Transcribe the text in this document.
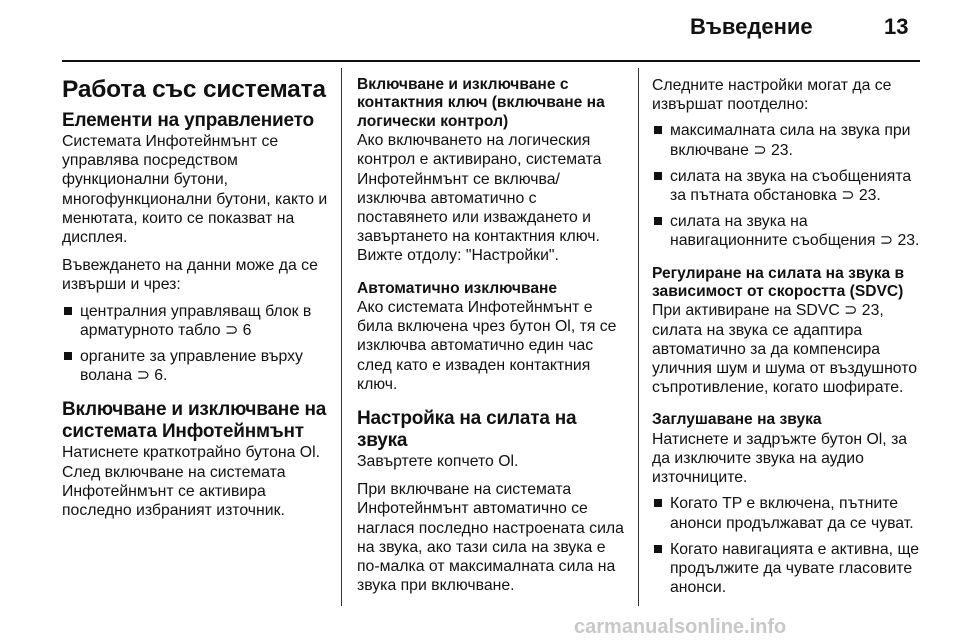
Въведение	13
Работа със системата
Елементи на управлението

Системата Инфотейнмънт се управлява посредством функционални бутони, многофункционални бутони, както и менютата, които се показват на дисплея.

Въвеждането на данни може да се извърши и чрез:

централния управляващ блок в арматурното табло ⊃ 6
органите за управление върху волана ⊃ 6.
Включване и изключване на системата Инфотейнмънт

Натиснете краткотрайно бутона Ol. След включване на системата Инфотейнмънт се активира последно избраният източник.

Включване и изключване с контактния ключ (включване на логически контрол)

Ако включването на логическия контрол е активирано, системата Инфотейнмънт се включва/ изключва автоматично с поставянето или изваждането и завъртането на контактния ключ. Вижте отдолу: "Настройки".

Автоматично изключване

Ако системата Инфотейнмънт е била включена чрез бутон Ol, тя се изключва автоматично един час след като е изваден контактния ключ.

Настройка на силата на звука

Завъртете копчето Ol.

При включване на системата Инфотейнмънт автоматично се наглася последно настроената сила на звука, ако тази сила на звука е по-малка от максималната сила на звука при включване.

Следните настройки могат да се извършат поотделно:

максималната сила на звука при включване ⊃ 23.
силата на звука на съобщенията за пътната обстановка ⊃ 23.
силата на звука на навигационните съобщения ⊃ 23.
Регулиране на силата на звука в зависимост от скоростта (SDVC)

При активиране на SDVC ⊃ 23, силата на звука се адаптира автоматично за да компенсира уличния шум и шума от въздушното съпротивление, когато шофирате.

Заглушаване на звука

Натиснете и задръжте бутон Ol, за да изключите звука на аудио източниците.

Когато TP е включена, пътните анонси продължават да се чуват.
Когато навигацията е активна, ще продължите да чувате гласовите анонси.
carmanualsonline.info
